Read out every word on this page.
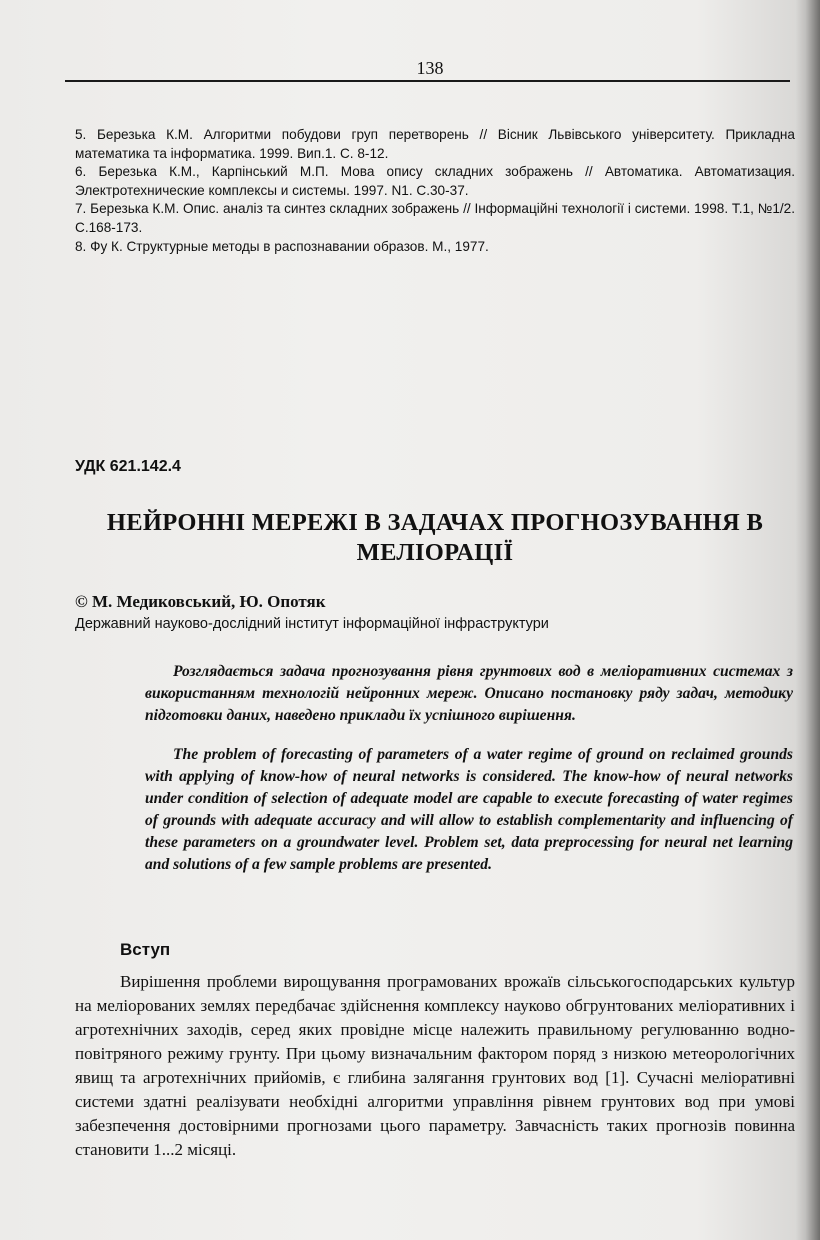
138

5. Березька К.М. Алгоритми побудови груп перетворень // Вісник Львівського університету. Прикладна математика та інформатика. 1999. Вип.1. С. 8-12.

6. Березька К.М., Карпінський М.П. Мова опису складних зображень // Автоматика. Автоматизация. Электротехнические комплексы и системы. 1997. N1. С.30-37.

7. Березька К.М. Опис. аналіз та синтез складних зображень // Інформаційні технології і системи. 1998. Т.1, №1/2. С.168-173.

8. Фу К. Структурные методы в распознавании образов. М., 1977.

УДК 621.142.4
НЕЙРОННІ МЕРЕЖІ В ЗАДАЧАХ ПРОГНОЗУВАННЯ В МЕЛІОРАЦІЇ
© М. Медиковський, Ю. Опотяк
Державний науково-дослідний інститут інформаційної інфраструктури

Розглядається задача прогнозування рівня грунтових вод в меліоративних системах з використанням технологій нейронних мереж. Описано постановку ряду задач, методику підготовки даних, наведено приклади їх успішного вирішення.

The problem of forecasting of parameters of a water regime of ground on reclaimed grounds with applying of know-how of neural networks is considered. The know-how of neural networks under condition of selection of adequate model are capable to execute forecasting of water regimes of grounds with adequate accuracy and will allow to establish complementarity and influencing of these parameters on a groundwater level. Problem set, data preprocessing for neural net learning and solutions of a few sample problems are presented.

Вступ

Вирішення проблеми вирощування програмованих врожаїв сільськогосподарських культур на меліорованих землях передбачає здійснення комплексу науково обгрунтованих меліоративних і агротехнічних заходів, серед яких провідне місце належить правильному регулюванню водно-повітряного режиму грунту. При цьому визначальним фактором поряд з низкою метеорологічних явищ та агротехнічних прийомів, є глибина залягання грунтових вод [1]. Сучасні меліоративні системи здатні реалізувати необхідні алгоритми управління рівнем грунтових вод при умові забезпечення достовірними прогнозами цього параметру. Завчасність таких прогнозів повинна становити 1...2 місяці.
